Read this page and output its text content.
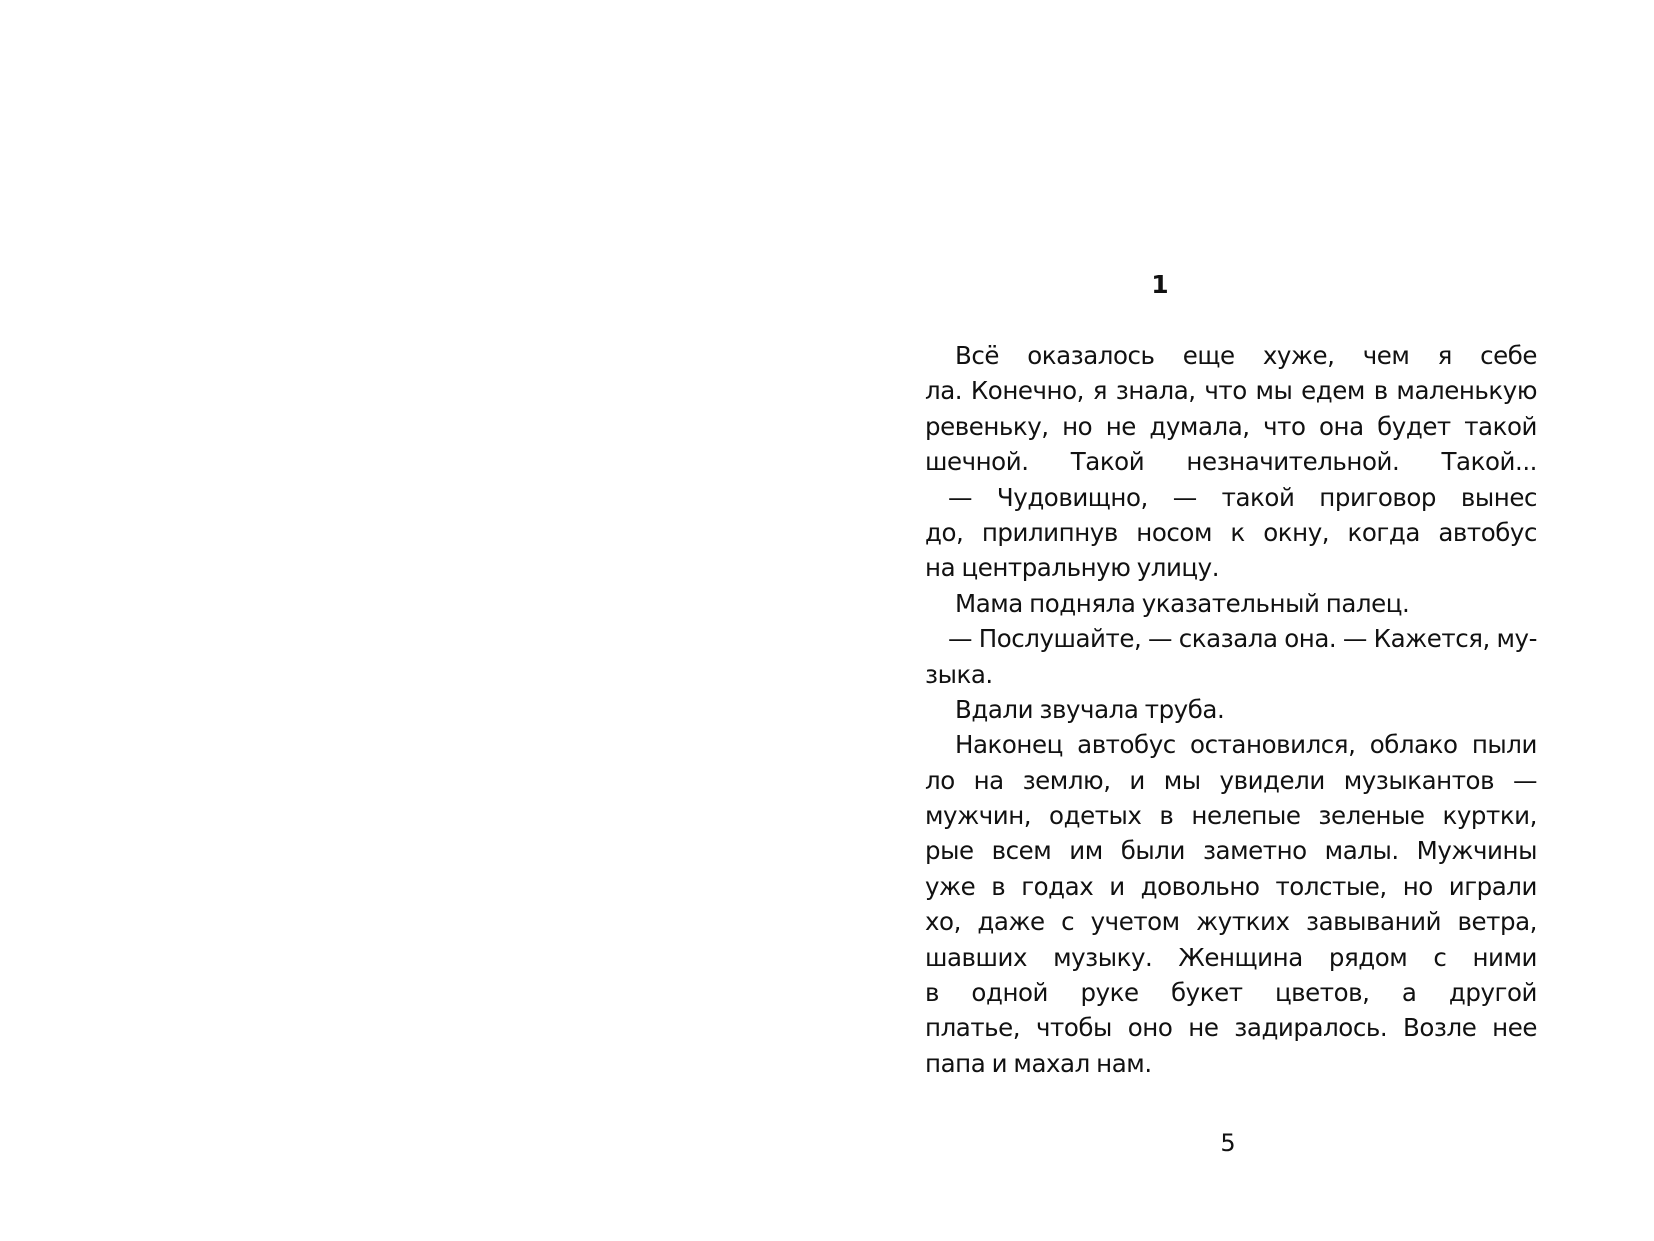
1
Всё оказалось еще хуже, чем я себе
ла. Конечно, я знала, что мы едем в маленькую
ревеньку, но не думала, что она будет такой
шечной. Такой незначительной. Такой...
— Чудовищно, — такой приговор вынес
до, прилипнув носом к окну, когда автобус
на центральную улицу.
Мама подняла указательный палец.
— Послушайте, — сказала она. — Кажется, му-
зыка.
Вдали звучала труба.
Наконец автобус остановился, облако пыли
ло на землю, и мы увидели музыкантов —
мужчин, одетых в нелепые зеленые куртки,
рые всем им были заметно малы. Мужчины
уже в годах и довольно толстые, но играли
хо, даже с учетом жутких завываний ветра,
шавших музыку. Женщина рядом с ними
в одной руке букет цветов, а другой
платье, чтобы оно не задиралось. Возле нее
папа и махал нам.
5
